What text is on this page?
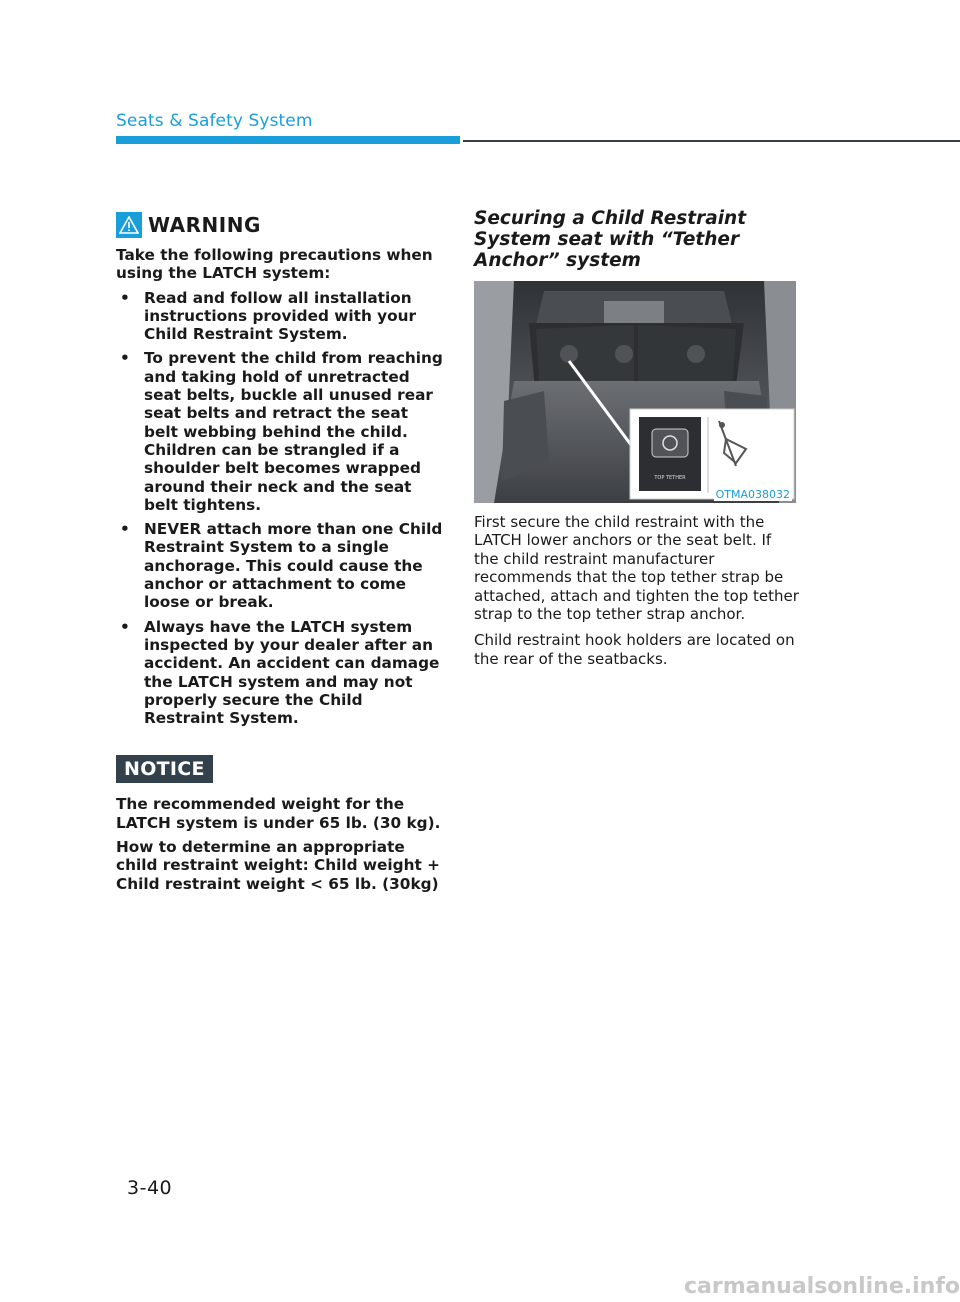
Seats & Safety System
WARNING

Take the following precautions when using the LATCH system:

• Read and follow all installation instructions provided with your Child Restraint System.
• To prevent the child from reaching and taking hold of unretracted seat belts, buckle all unused rear seat belts and retract the seat belt webbing behind the child. Children can be strangled if a shoulder belt becomes wrapped around their neck and the seat belt tightens.
• NEVER attach more than one Child Restraint System to a single anchorage. This could cause the anchor or attachment to come loose or break.
• Always have the LATCH system inspected by your dealer after an accident. An accident can damage the LATCH system and may not properly secure the Child Restraint System.
NOTICE

The recommended weight for the LATCH system is under 65 lb. (30 kg).

How to determine an appropriate child restraint weight: Child weight + Child restraint weight < 65 lb. (30kg)

Securing a Child Restraint System seat with “Tether Anchor” system
TOP TETHER
OTMA038032

First secure the child restraint with the LATCH lower anchors or the seat belt. If the child restraint manufacturer recommends that the top tether strap be attached, attach and tighten the top tether strap to the top tether strap anchor.

Child restraint hook holders are located on the rear of the seatbacks.

3-40
carmanualsonline.info
